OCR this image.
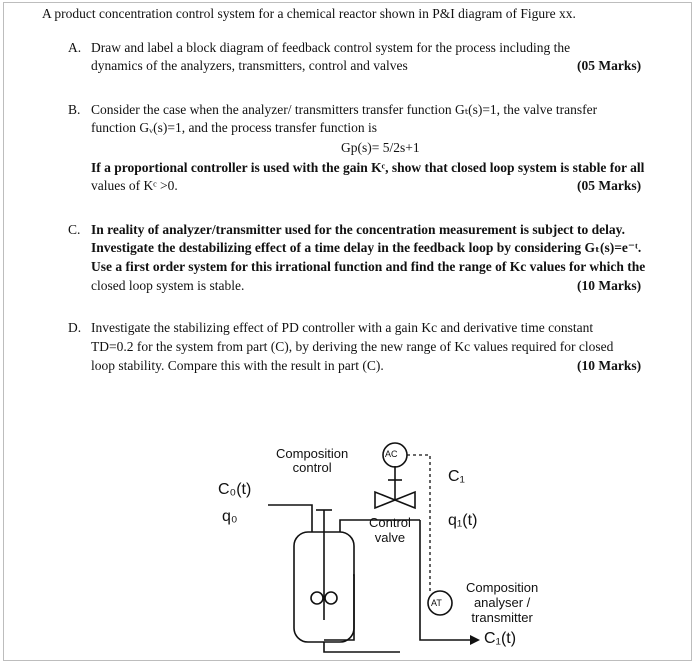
A product concentration control system for a chemical reactor shown in P&I diagram of Figure xx.
A. Draw and label a block diagram of feedback control system for the process including the
dynamics of the analyzers, transmitters, control and valves	(05 Marks)
B. Consider the case when the analyzer/ transmitters transfer function Gₜ(s)=1, the valve transfer
function Gᵥ(s)=1, and the process transfer function is
Gp(s)= 5/2s+1
If a proportional controller is used with the gain Kᶜ, show that closed loop system is stable for all
values of Kᶜ >0.	(05 Marks)
C. In reality of analyzer/transmitter used for the concentration measurement is subject to delay.
Investigate the destabilizing effect of a time delay in the feedback loop by considering Gₜ(s)=e⁻ᵗ.
Use a first order system for this irrational function and find the range of Kc values for which the
closed loop system is stable.	(10 Marks)
D. Investigate the stabilizing effect of PD controller with a gain Kc and derivative time constant
TD=0.2 for the system from part (C), by deriving the new range of Kc values required for closed
loop stability. Compare this with the result in part (C).	(10 Marks)
Composition
control
AC
AT
C₀(t)
q₀
C₁
q₁(t)
Control
valve
Composition
analyser /
transmitter
C₁(t)
